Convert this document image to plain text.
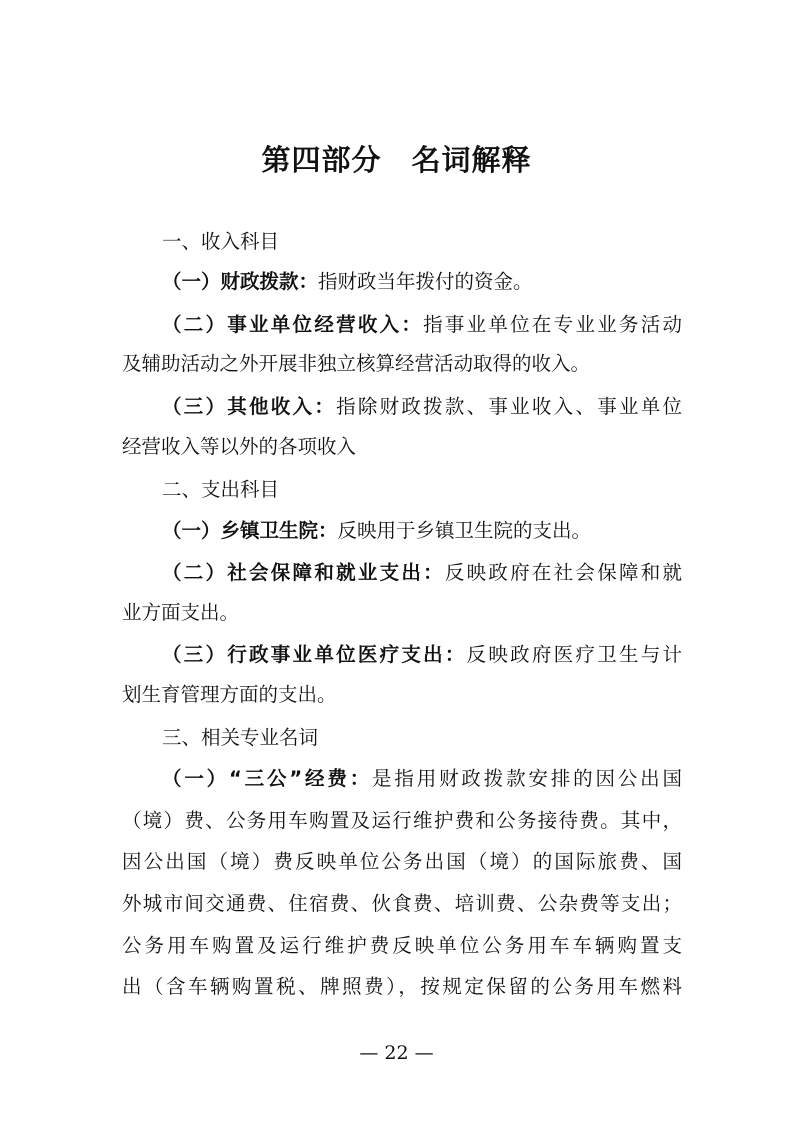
第四部分　名词解释
一、收入科目
（一）财政拨款：指财政当年拨付的资金。
（二）事业单位经营收入：指事业单位在专业业务活动
及辅助活动之外开展非独立核算经营活动取得的收入。
（三）其他收入：指除财政拨款、事业收入、事业单位
经营收入等以外的各项收入
二、支出科目
（一）乡镇卫生院：反映用于乡镇卫生院的支出。
（二）社会保障和就业支出：反映政府在社会保障和就
业方面支出。
（三）行政事业单位医疗支出：反映政府医疗卫生与计
划生育管理方面的支出。
三、相关专业名词
（一）“三公”经费：是指用财政拨款安排的因公出国
（境）费、公务用车购置及运行维护费和公务接待费。其中，
因公出国（境）费反映单位公务出国（境）的国际旅费、国
外城市间交通费、住宿费、伙食费、培训费、公杂费等支出；
公务用车购置及运行维护费反映单位公务用车车辆购置支
出（含车辆购置税、牌照费），按规定保留的公务用车燃料
— 22 —
